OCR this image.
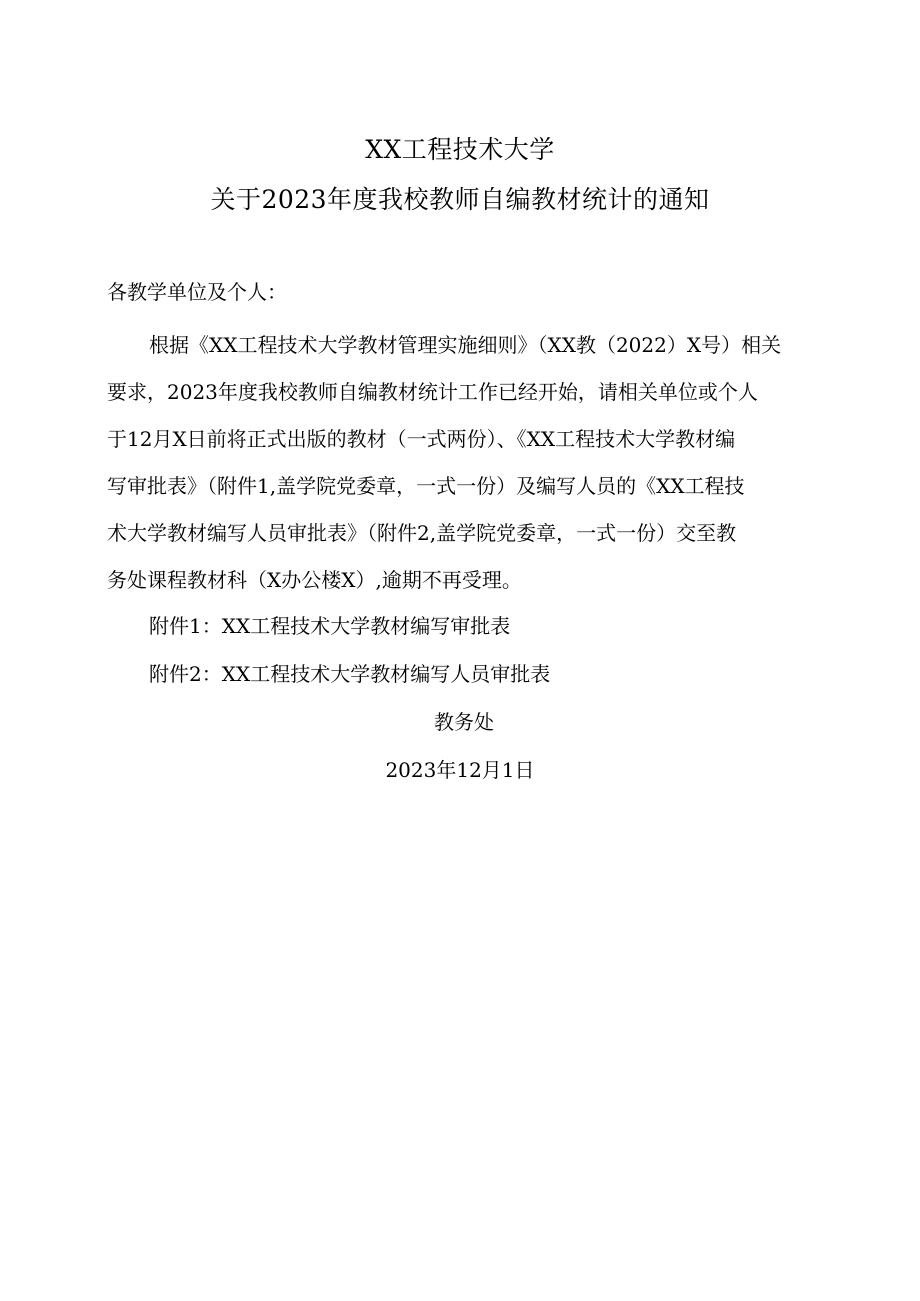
XX工程技术大学
关于2023年度我校教师自编教材统计的通知
各教学单位及个人：
根据《XX工程技术大学教材管理实施细则》（XX教（2022）X号）相关
要求，2023年度我校教师自编教材统计工作已经开始，请相关单位或个人
于12月X日前将正式出版的教材（一式两份）、《XX工程技术大学教材编
写审批表》（附件1,盖学院党委章，一式一份）及编写人员的《XX工程技
术大学教材编写人员审批表》（附件2,盖学院党委章，一式一份）交至教
务处课程教材科（X办公楼X）,逾期不再受理。
附件1：XX工程技术大学教材编写审批表
附件2：XX工程技术大学教材编写人员审批表
教务处
2023年12月1日
